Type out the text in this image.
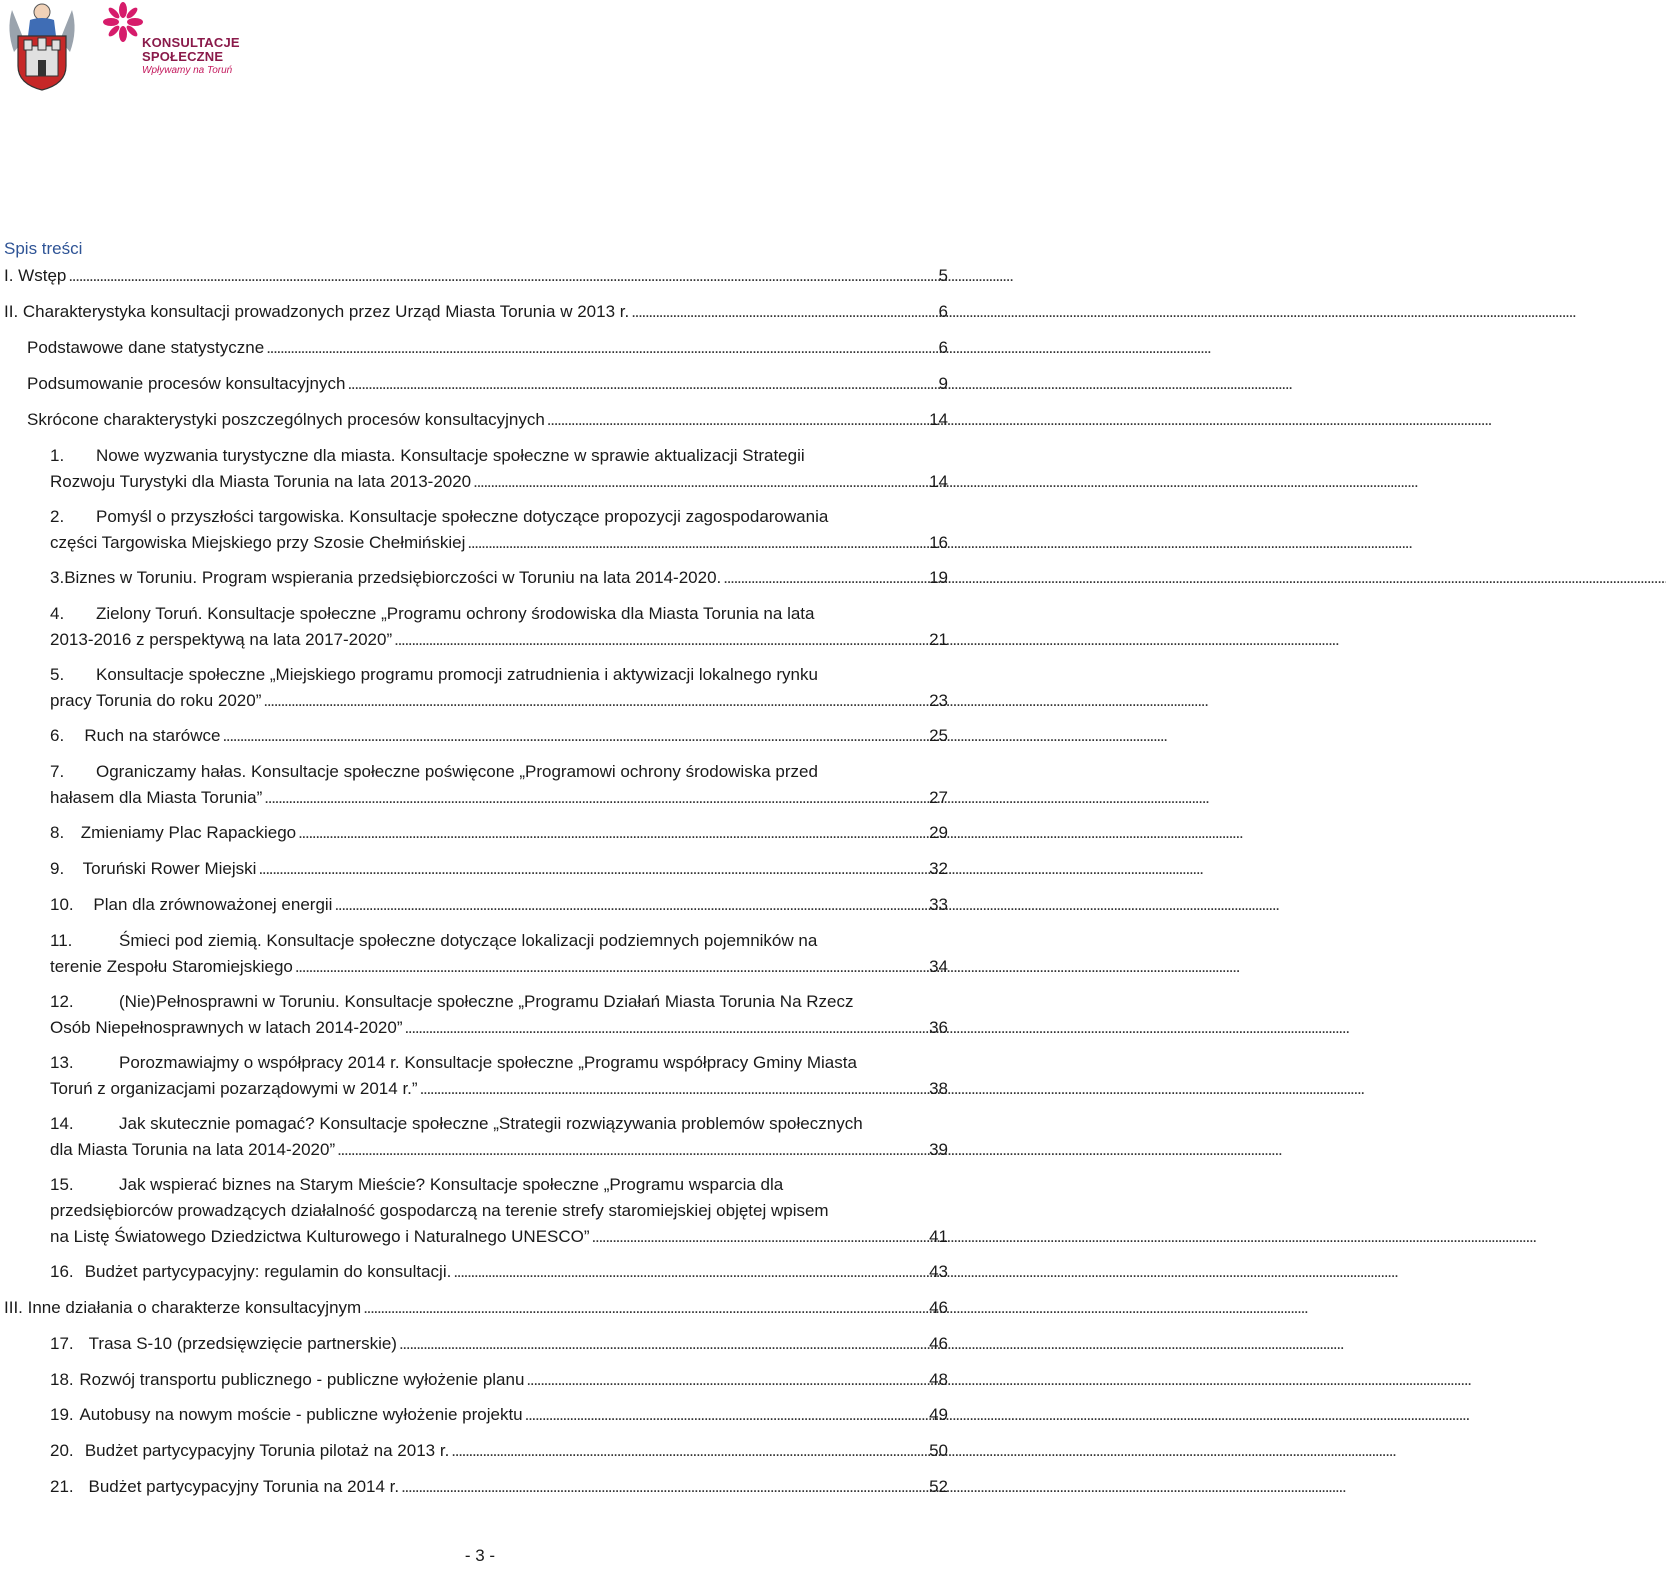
KONSULTACJE
SPOŁECZNE
Wpływamy na Toruń
Spis treści
I. Wstęp . . .	5
II. Charakterystyka konsultacji prowadzonych przez Urząd Miasta Torunia w 2013 r. . . .	6
Podstawowe dane statystyczne . . .	6
Podsumowanie procesów konsultacyjnych . . .	9
Skrócone charakterystyki poszczególnych procesów konsultacyjnych . . .	14
1.	Nowe wyzwania turystyczne dla miasta. Konsultacje społeczne w sprawie aktualizacji Strategii
Rozwoju Turystyki dla Miasta Torunia na lata 2013-2020 . . .	14
2.	Pomyśl o przyszłości targowiska. Konsultacje społeczne dotyczące propozycji zagospodarowania
części Targowiska Miejskiego przy Szosie Chełmińskiej . . .	16
3. Biznes w Toruniu. Program wspierania przedsiębiorczości w Toruniu na lata 2014-2020. . . .	19
4.	Zielony Toruń. Konsultacje społeczne „Programu ochrony środowiska dla Miasta Torunia na lata
2013-2016 z perspektywą na lata 2017-2020” . . .	21
5.	Konsultacje społeczne „Miejskiego programu promocji zatrudnienia i aktywizacji lokalnego rynku
pracy Torunia do roku 2020” . . .	23
6.	Ruch na starówce . . .	25
7.	Ograniczamy hałas. Konsultacje społeczne poświęcone „Programowi ochrony środowiska przed
hałasem dla Miasta Torunia” . . .	27
8. Zmieniamy Plac Rapackiego . . .	29
9.	Toruński Rower Miejski . . .	32
10.	Plan dla zrównoważonej energii . . .	33
11.	Śmieci pod ziemią. Konsultacje społeczne dotyczące lokalizacji podziemnych pojemników na
terenie Zespołu Staromiejskiego . . .	34
12.	(Nie)Pełnosprawni w Toruniu. Konsultacje społeczne „Programu Działań Miasta Torunia Na Rzecz
Osób Niepełnosprawnych w latach 2014-2020” . . .	36
13.	Porozmawiajmy o współpracy 2014 r. Konsultacje społeczne „Programu współpracy Gminy Miasta
Toruń z organizacjami pozarządowymi w 2014 r.” . . .	38
14.	Jak skutecznie pomagać? Konsultacje społeczne „Strategii rozwiązywania problemów społecznych
dla Miasta Torunia na lata 2014-2020” . . .	39
15.	Jak wspierać biznes na Starym Mieście? Konsultacje społeczne „Programu wsparcia dla
przedsiębiorców prowadzących działalność gospodarczą na terenie strefy staromiejskiej objętej wpisem
na Listę Światowego Dziedzictwa Kulturowego i Naturalnego UNESCO” . . .	41
16. Budżet partycypacyjny: regulamin do konsultacji. . . .	43
III. Inne działania o charakterze konsultacyjnym . . .	46
17. Trasa S-10 (przedsięwzięcie partnerskie) . . .	46
18. Rozwój transportu publicznego - publiczne wyłożenie planu . . .	48
19. Autobusy na nowym moście - publiczne wyłożenie projektu . . .	49
20. Budżet partycypacyjny Torunia pilotaż na 2013 r. . . .	50
21. Budżet partycypacyjny Torunia na 2014 r. . . .	52
- 3 -
